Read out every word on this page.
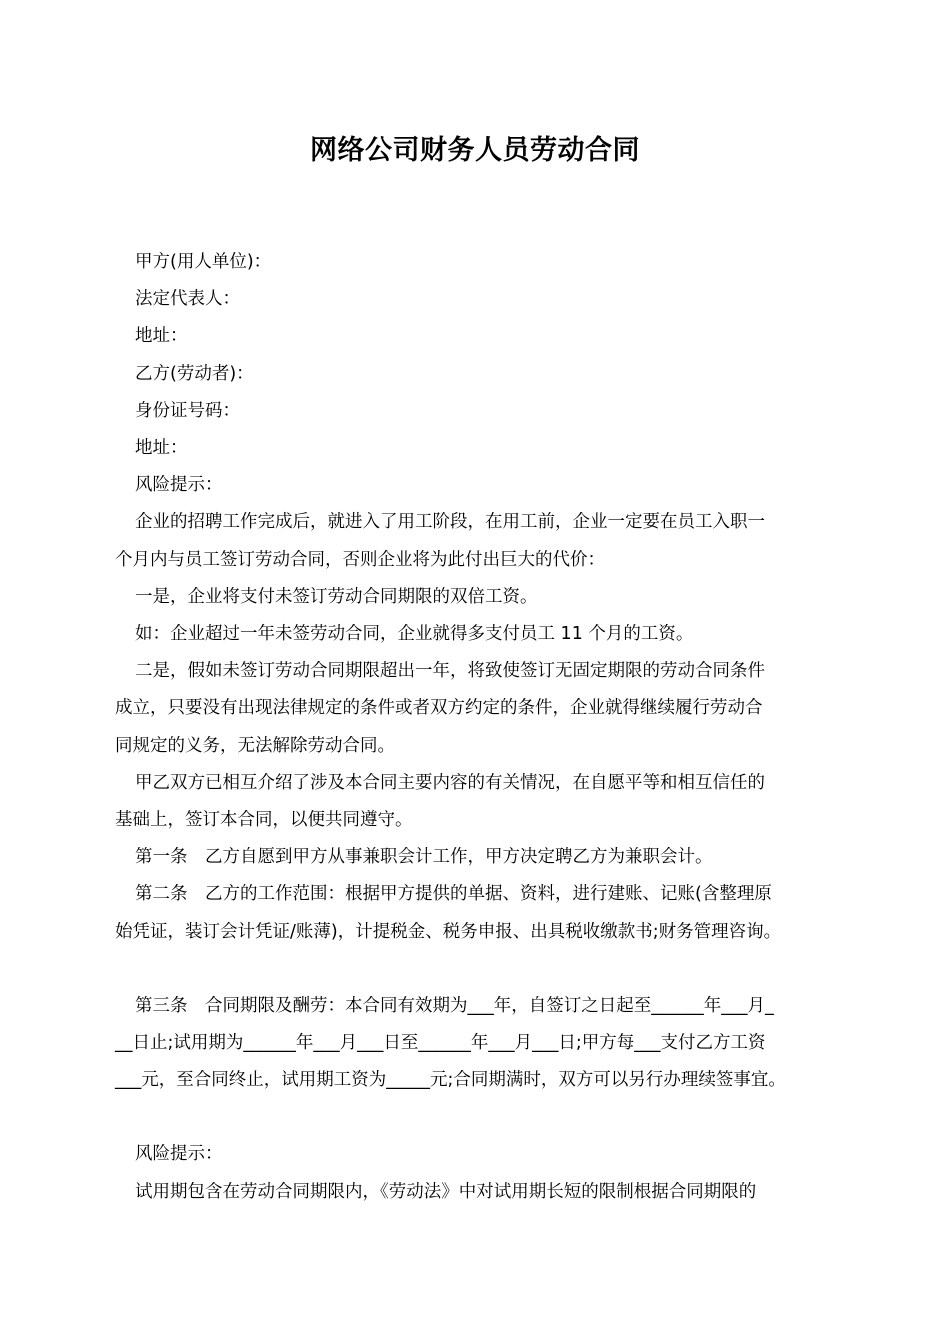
网络公司财务人员劳动合同

甲方(用人单位)：

法定代表人：

地址：

乙方(劳动者)：

身份证号码：

地址：

风险提示：

企业的招聘工作完成后，就进入了用工阶段，在用工前，企业一定要在员工入职一

个月内与员工签订劳动合同，否则企业将为此付出巨大的代价：

一是，企业将支付未签订劳动合同期限的双倍工资。

如：企业超过一年未签劳动合同，企业就得多支付员工 11 个月的工资。

二是，假如未签订劳动合同期限超出一年，将致使签订无固定期限的劳动合同条件

成立，只要没有出现法律规定的条件或者双方约定的条件，企业就得继续履行劳动合

同规定的义务，无法解除劳动合同。

甲乙双方已相互介绍了涉及本合同主要内容的有关情况，在自愿平等和相互信任的

基础上，签订本合同，以便共同遵守。

第一条　乙方自愿到甲方从事兼职会计工作，甲方决定聘乙方为兼职会计。

第二条　乙方的工作范围：根据甲方提供的单据、资料，进行建账、记账(含整理原

始凭证，装订会计凭证/账薄)，计提税金、税务申报、出具税收缴款书;财务管理咨询。

第三条　合同期限及酬劳：本合同有效期为___年，自签订之日起至______年___月_

__日止;试用期为______年___月___日至______年___月___日;甲方每___支付乙方工资

___元，至合同终止，试用期工资为_____元;合同期满时，双方可以另行办理续签事宜。

风险提示：

试用期包含在劳动合同期限内，《劳动法》中对试用期长短的限制根据合同期限的
